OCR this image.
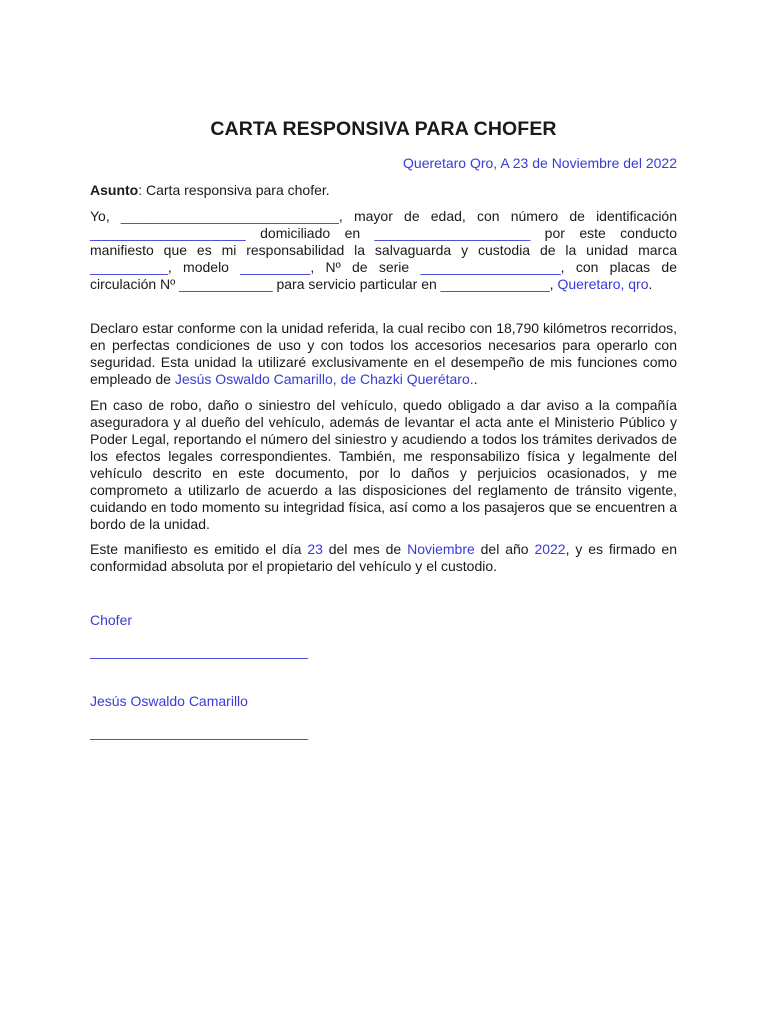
CARTA RESPONSIVA PARA CHOFER
Queretaro Qro, A 23 de Noviembre del 2022
Asunto: Carta responsiva para chofer.
Yo, ____________________________, mayor de edad, con número de identificación ____________________ domiciliado en ____________________ por este conducto manifiesto que es mi responsabilidad la salvaguarda y custodia de la unidad marca __________, modelo _________, Nº de serie __________________, con placas de circulación Nº ____________ para servicio particular en ______________, Queretaro, qro.
Declaro estar conforme con la unidad referida, la cual recibo con 18,790 kilómetros recorridos, en perfectas condiciones de uso y con todos los accesorios necesarios para operarlo con seguridad. Esta unidad la utilizaré exclusivamente en el desempeño de mis funciones como empleado de Jesús Oswaldo Camarillo, de Chazki Querétaro..
En caso de robo, daño o siniestro del vehículo, quedo obligado a dar aviso a la compañía aseguradora y al dueño del vehículo, además de levantar el acta ante el Ministerio Público y Poder Legal, reportando el número del siniestro y acudiendo a todos los trámites derivados de los efectos legales correspondientes. También, me responsabilizo física y legalmente del vehículo descrito en este documento, por lo daños y perjuicios ocasionados, y me comprometo a utilizarlo de acuerdo a las disposiciones del reglamento de tránsito vigente, cuidando en todo momento su integridad física, así como a los pasajeros que se encuentren a bordo de la unidad.
Este manifiesto es emitido el día 23 del mes de Noviembre del año 2022, y es firmado en conformidad absoluta por el propietario del vehículo y el custodio.
Chofer
____________________________
Jesús Oswaldo Camarillo
____________________________
